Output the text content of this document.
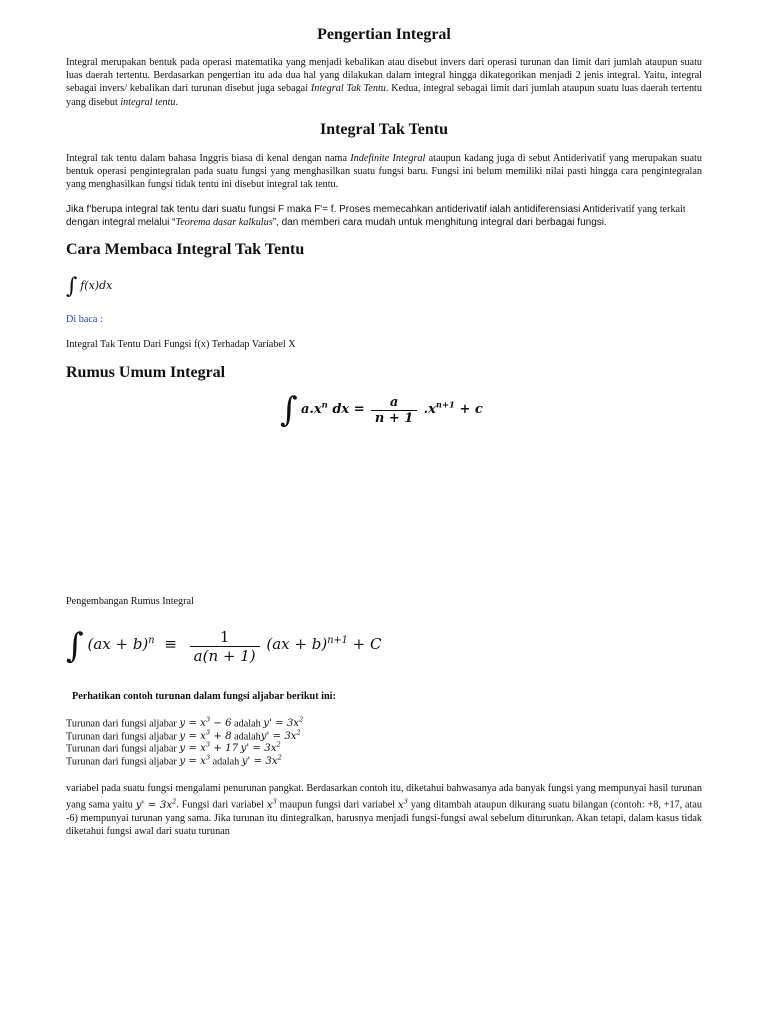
Pengertian Integral

Integral merupakan bentuk pada operasi matematika yang menjadi kebalikan atau disebut invers dari operasi turunan dan limit dari jumlah ataupun suatu luas daerah tertentu. Berdasarkan pengertian itu ada dua hal yang dilakukan dalam integral hingga dikategorikan menjadi 2 jenis integral. Yaitu, integral sebagai invers/ kebalikan dari turunan disebut juga sebagai Integral Tak Tentu. Kedua, integral sebagai limit dari jumlah ataupun suatu luas daerah tertentu yang disebut integral tentu.

Integral Tak Tentu

Integral tak tentu dalam bahasa Inggris biasa di kenal dengan nama Indefinite Integral ataupun kadang juga di sebut Antiderivatif yang merupakan suatu bentuk operasi pengintegralan pada suatu fungsi yang menghasilkan suatu fungsi baru. Fungsi ini belum memiliki nilai pasti hingga cara pengintegralan yang menghasilkan fungsi tidak tentu ini disebut integral tak tentu.

Jika f'berupa integral tak tentu dari suatu fungsi F maka F'= f. Proses memecahkan antiderivatif ialah antidiferensiasi Antiderivatif yang terkait
dengan integral melalui “Teorema dasar kalkulus”, dan memberi cara mudah untuk menghitung integral dari berbagai fungsi.

Cara Membaca Integral Tak Tentu
∫ f(x)dx

Di baca :

Integral Tak Tentu Dari Fungsi f(x) Terhadap Variabel X

Rumus Umum Integral
∫ $a.x^n$ dx = $\frac{a}{n + 1} .x^{n+1} + c$

Pengembangan Rumus Integral

∫ $(ax + b)^n \equiv \frac{1}{a(n + 1)} (ax + b)^{n+1} + C$

Perhatikan contoh turunan dalam fungsi aljabar berikut ini:

Turunan dari fungsi aljabar $y = x^3 - 6$ adalah $y' = 3x^2$
Turunan dari fungsi aljabar $y = x^3 + 8$ adalahy' = $3x^2$
Turunan dari fungsi aljabar $y = x^3 + 17$ $y' = 3x^2$
Turunan dari fungsi aljabar $y = x^3$ adalah $y' = 3x^2$

variabel pada suatu fungsi mengalami penurunan pangkat. Berdasarkan contoh itu, diketahui bahwasanya ada banyak fungsi yang mempunyai hasil turunan yang sama yaitu $y' = 3x^2$. Fungsi dari variabel $x^3$ maupun fungsi dari variabel $x^3$ yang ditambah ataupun dikurang suatu bilangan (contoh: +8, +17, atau -6) mempunyai turunan yang sama. Jika turunan itu dintegralkan, harusnya menjadi fungsi-fungsi awal sebelum diturunkan. Akan tetapi, dalam kasus tidak diketahui fungsi awal dari suatu turunan
